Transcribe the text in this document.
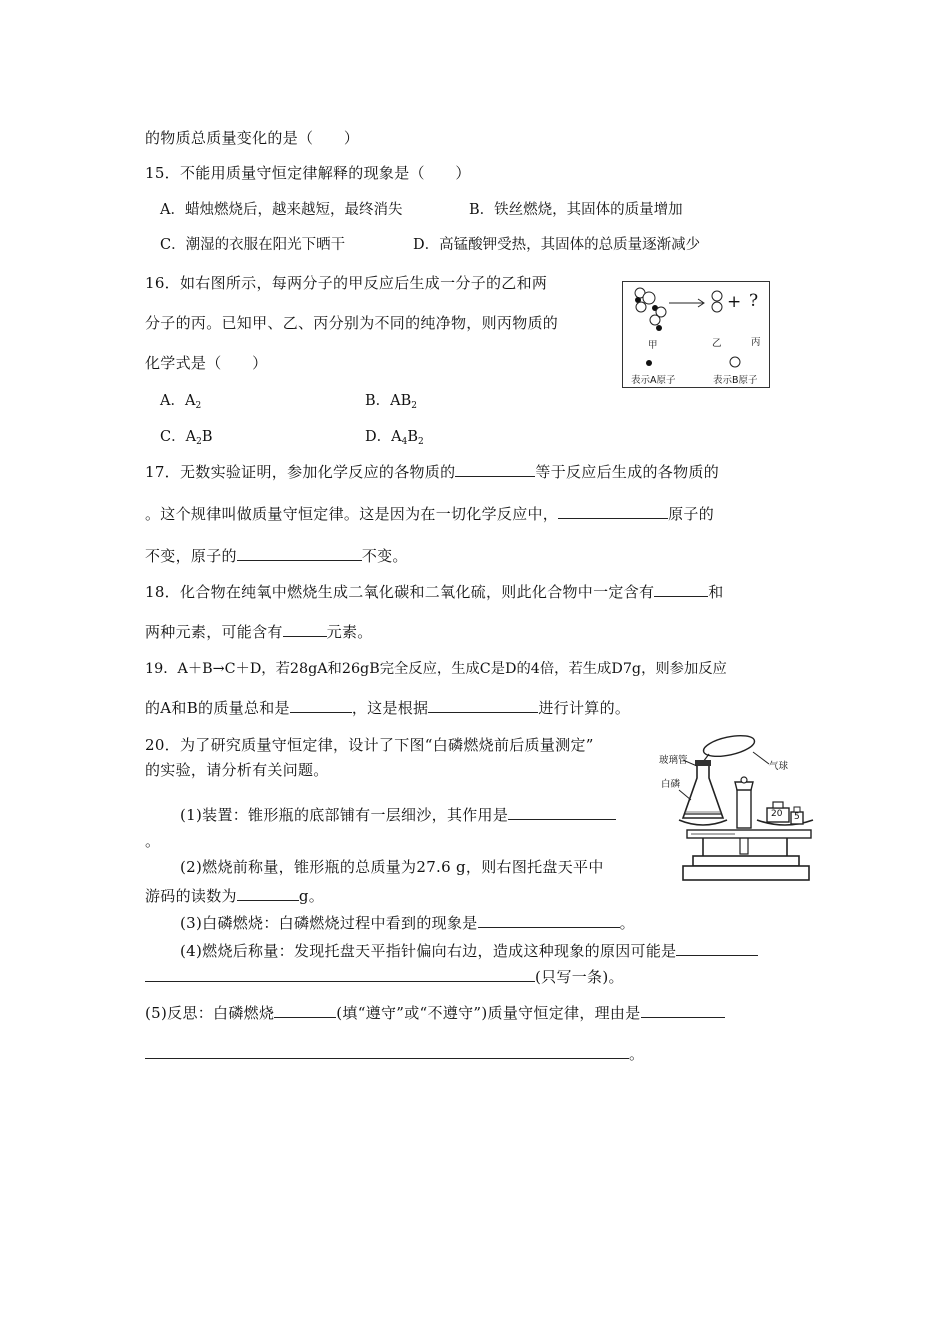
的物质总质量变化的是（　　）
15．不能用质量守恒定律解释的现象是（　　）
A．蜡烛燃烧后，越来越短，最终消失	B．铁丝燃烧，其固体的质量增加
C．潮湿的衣服在阳光下晒干	D．高锰酸钾受热，其固体的总质量逐渐减少
16．如右图所示，每两分子的甲反应后生成一分子的乙和两
分子的丙。已知甲、乙、丙分别为不同的纯净物，则丙物质的
化学式是（　　）
A．$A_2$	B．$AB_2$
C．$A_2B$	D．$A_4B_2$
+ ?
甲	乙	丙
表示A原子	表示B原子
17．无数实验证明，参加化学反应的各物质的	等于反应后生成的各物质的
。这个规律叫做质量守恒定律。这是因为在一切化学反应中，	原子的
不变，原子的	不变。
18．化合物在纯氧中燃烧生成二氧化碳和二氧化硫，则此化合物中一定含有	和
两种元素，可能含有	元素。
19．A＋B→C＋D，若28gA和26gB完全反应，生成C是D的4倍，若生成D7g，则参加反应
的A和B的质量总和是	，这是根据	进行计算的。
20．为了研究质量守恒定律，设计了下图“白磷燃烧前后质量测定”
的实验，请分析有关问题。
(1)装置：锥形瓶的底部铺有一层细沙，其作用是
。
(2)燃烧前称量，锥形瓶的总质量为27.6 g，则右图托盘天平中
游码的读数为	g。
(3)白磷燃烧：白磷燃烧过程中看到的现象是	。
(4)燃烧后称量：发现托盘天平指针偏向右边，造成这种现象的原因可能是
(只写一条)。
(5)反思：白磷燃烧	(填“遵守”或“不遵守”)质量守恒定律，理由是
。
玻璃管
气球
白磷
20 5
